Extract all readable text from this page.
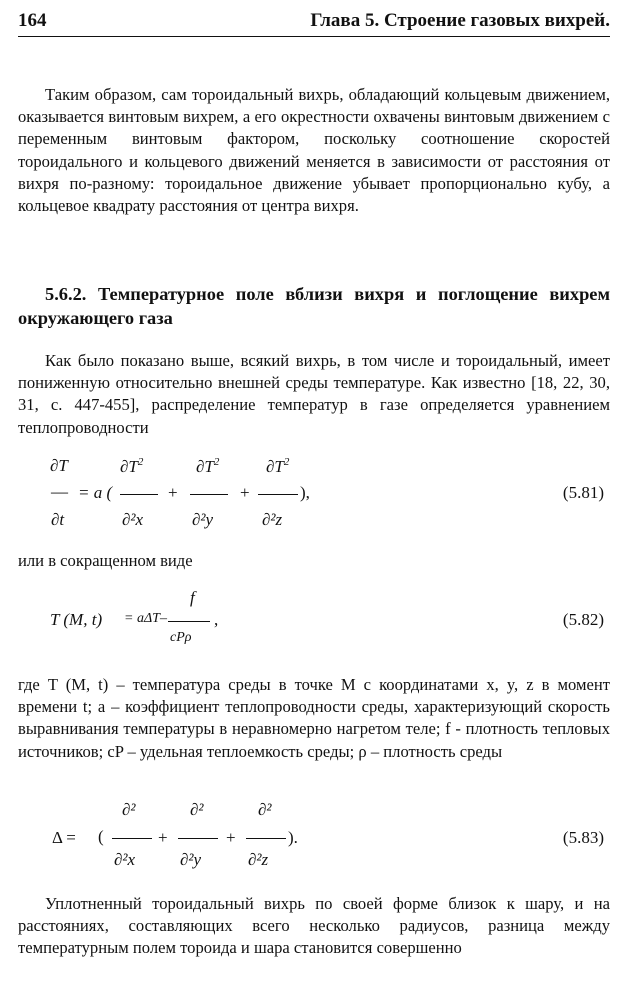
164	Глава 5. Строение газовых вихрей.

Таким образом, сам тороидальный вихрь, обладающий кольцевым движением, оказывается винтовым вихрем, а его окрестности охвачены винтовым движением с переменным винтовым фактором, поскольку соотношение скоростей тороидального и кольцевого движений меняется в зависимости от расстояния от вихря по-разному: тороидальное движение убывает пропорционально кубу, а кольцевое квадрату расстояния от центра вихря.

5.6.2. Температурное поле вблизи вихря и поглощение вихрем окружающего газа

Как было показано выше, всякий вихрь, в том числе и тороидальный, имеет пониженную относительно внешней среды температуре. Как известно [18, 22, 30, 31, с. 447-455], распределение температур в газе определяется уравнением теплопроводности

∂T
—
∂t
= a (
$\partial T^2$
∂²x
+
$\partial T^2$
∂²y
+
$\partial T^2$
∂²z
),	(5.81)

или в сокращенном виде

T (M, t) = aΔT–
f
cPρ
,	(5.82)

где T (M, t) – температура среды в точке M с координатами x, y, z в момент времени t; a – коэффициент теплопроводности среды, характеризующий скорость выравнивания температуры в неравномерно нагретом теле; f - плотность тепловых источников; cP – удельная теплоемкость среды; ρ – плотность среды

Δ = (
∂²
∂²x
+
∂²
∂²y
+
∂²
∂²z
).	(5.83)

Уплотненный тороидальный вихрь по своей форме близок к шару, и на расстояниях, составляющих всего несколько радиусов, разница между температурным полем тороида и шара становится совершенно
